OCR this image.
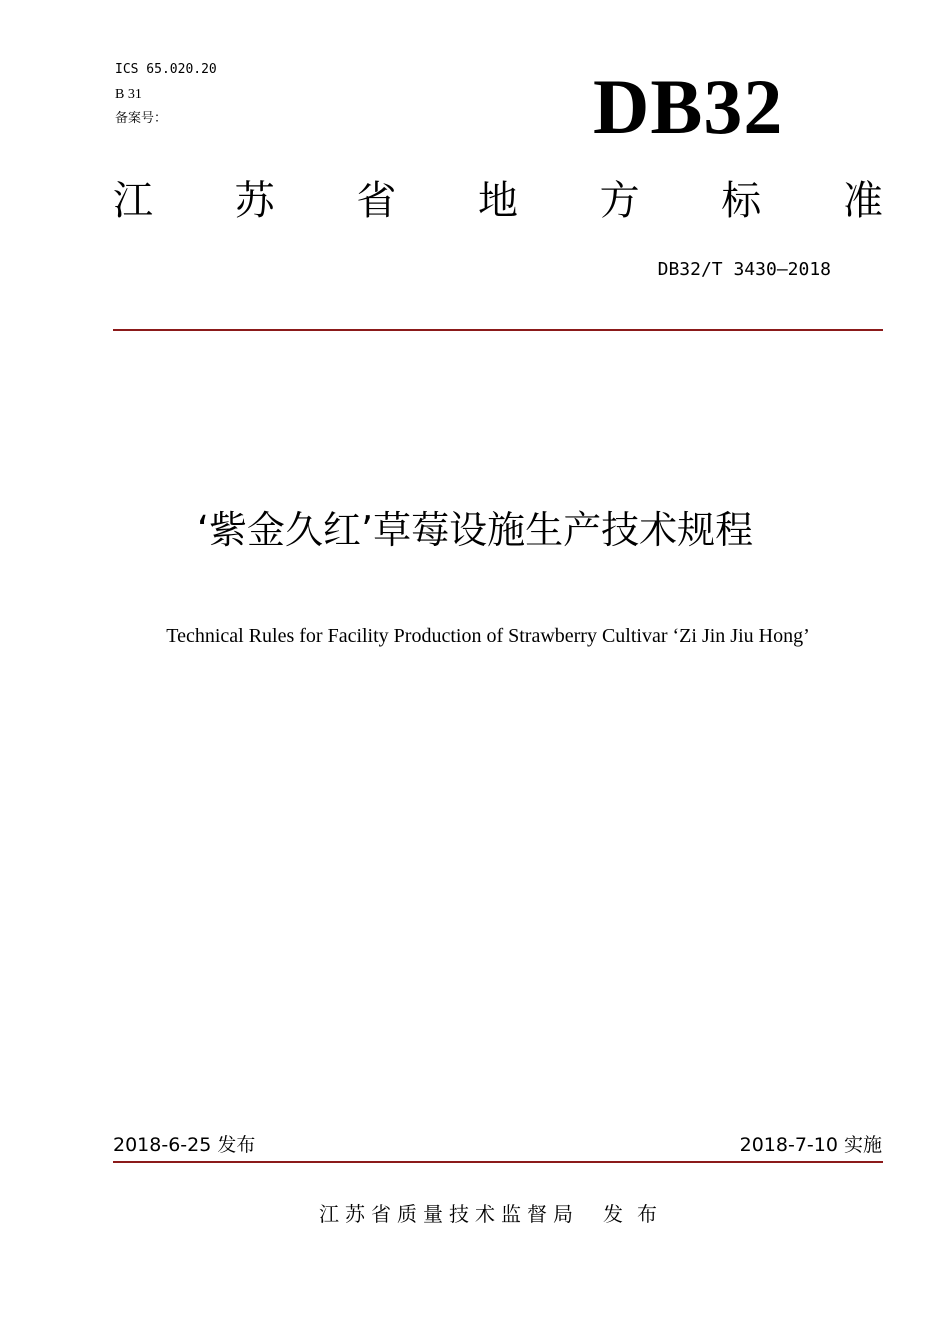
ICS 65.020.20
B 31
备案号：	DB32
江 苏 省 地 方 标 准
DB32/T 3430—2018
‘紫金久红’草莓设施生产技术规程
Technical Rules for Facility Production of Strawberry Cultivar ‘Zi Jin Jiu Hong’
2018-6-25 发布	2018-7-10 实施
江苏省质量技术监督局 发布
